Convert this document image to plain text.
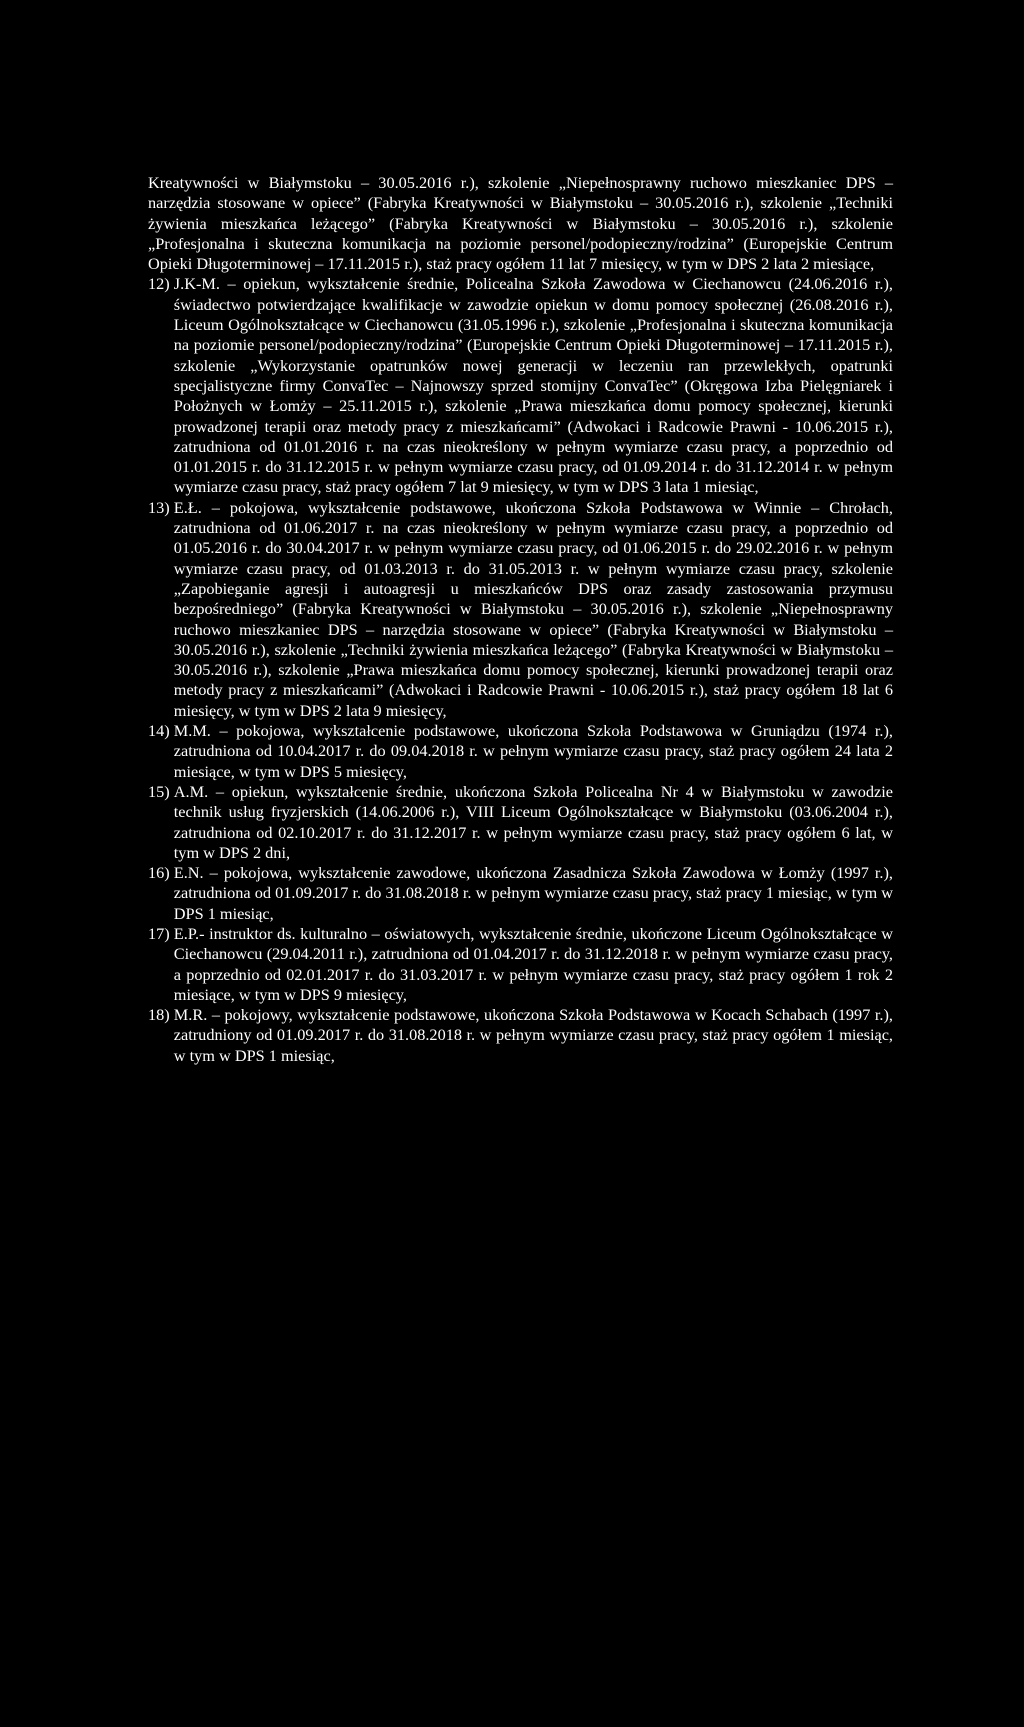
Kreatywności w Białymstoku – 30.05.2016 r.), szkolenie „Niepełnosprawny ruchowo mieszkaniec DPS – narzędzia stosowane w opiece” (Fabryka Kreatywności w Białymstoku – 30.05.2016 r.), szkolenie „Techniki żywienia mieszkańca leżącego” (Fabryka Kreatywności w Białymstoku – 30.05.2016 r.), szkolenie „Profesjonalna i skuteczna komunikacja na poziomie personel/podopieczny/rodzina” (Europejskie Centrum Opieki Długoterminowej – 17.11.2015 r.), staż pracy ogółem 11 lat 7 miesięcy, w tym w DPS 2 lata 2 miesiące,

12) J.K-M. – opiekun, wykształcenie średnie, Policealna Szkoła Zawodowa w Ciechanowcu (24.06.2016 r.), świadectwo potwierdzające kwalifikacje w zawodzie opiekun w domu pomocy społecznej (26.08.2016 r.), Liceum Ogólnokształcące w Ciechanowcu (31.05.1996 r.), szkolenie „Profesjonalna i skuteczna komunikacja na poziomie personel/podopieczny/rodzina” (Europejskie Centrum Opieki Długoterminowej – 17.11.2015 r.), szkolenie „Wykorzystanie opatrunków nowej generacji w leczeniu ran przewlekłych, opatrunki specjalistyczne firmy ConvaTec – Najnowszy sprzed stomijny ConvaTec” (Okręgowa Izba Pielęgniarek i Położnych w Łomży – 25.11.2015 r.), szkolenie „Prawa mieszkańca domu pomocy społecznej, kierunki prowadzonej terapii oraz metody pracy z mieszkańcami” (Adwokaci i Radcowie Prawni - 10.06.2015 r.), zatrudniona od 01.01.2016 r. na czas nieokreślony w pełnym wymiarze czasu pracy, a poprzednio od 01.01.2015 r. do 31.12.2015 r. w pełnym wymiarze czasu pracy, od 01.09.2014 r. do 31.12.2014 r. w pełnym wymiarze czasu pracy, staż pracy ogółem 7 lat 9 miesięcy, w tym w DPS 3 lata 1 miesiąc,
13) E.Ł. – pokojowa, wykształcenie podstawowe, ukończona Szkoła Podstawowa w Winnie – Chrołach, zatrudniona od 01.06.2017 r. na czas nieokreślony w pełnym wymiarze czasu pracy, a poprzednio od 01.05.2016 r. do 30.04.2017 r. w pełnym wymiarze czasu pracy, od 01.06.2015 r. do 29.02.2016 r. w pełnym wymiarze czasu pracy, od 01.03.2013 r. do 31.05.2013 r. w pełnym wymiarze czasu pracy, szkolenie „Zapobieganie agresji i autoagresji u mieszkańców DPS oraz zasady zastosowania przymusu bezpośredniego” (Fabryka Kreatywności w Białymstoku – 30.05.2016 r.), szkolenie „Niepełnosprawny ruchowo mieszkaniec DPS – narzędzia stosowane w opiece” (Fabryka Kreatywności w Białymstoku – 30.05.2016 r.), szkolenie „Techniki żywienia mieszkańca leżącego” (Fabryka Kreatywności w Białymstoku – 30.05.2016 r.), szkolenie „Prawa mieszkańca domu pomocy społecznej, kierunki prowadzonej terapii oraz metody pracy z mieszkańcami” (Adwokaci i Radcowie Prawni - 10.06.2015 r.), staż pracy ogółem 18 lat 6 miesięcy, w tym w DPS 2 lata 9 miesięcy,
14) M.M. – pokojowa, wykształcenie podstawowe, ukończona Szkoła Podstawowa w Gruniądzu (1974 r.), zatrudniona od 10.04.2017 r. do 09.04.2018 r. w pełnym wymiarze czasu pracy, staż pracy ogółem 24 lata 2 miesiące, w tym w DPS 5 miesięcy,
15) A.M. – opiekun, wykształcenie średnie, ukończona Szkoła Policealna Nr 4 w Białymstoku w zawodzie technik usług fryzjerskich (14.06.2006 r.), VIII Liceum Ogólnokształcące w Białymstoku (03.06.2004 r.), zatrudniona od 02.10.2017 r. do 31.12.2017 r. w pełnym wymiarze czasu pracy, staż pracy ogółem 6 lat, w tym w DPS 2 dni,
16) E.N. – pokojowa, wykształcenie zawodowe, ukończona Zasadnicza Szkoła Zawodowa w Łomży (1997 r.), zatrudniona od 01.09.2017 r. do 31.08.2018 r. w pełnym wymiarze czasu pracy, staż pracy 1 miesiąc, w tym w DPS 1 miesiąc,
17) E.P.- instruktor ds. kulturalno – oświatowych, wykształcenie średnie, ukończone Liceum Ogólnokształcące w Ciechanowcu (29.04.2011 r.), zatrudniona od 01.04.2017 r. do 31.12.2018 r. w pełnym wymiarze czasu pracy, a poprzednio od 02.01.2017 r. do 31.03.2017 r. w pełnym wymiarze czasu pracy, staż pracy ogółem 1 rok 2 miesiące, w tym w DPS 9 miesięcy,
18) M.R. – pokojowy, wykształcenie podstawowe, ukończona Szkoła Podstawowa w Kocach Schabach (1997 r.), zatrudniony od 01.09.2017 r. do 31.08.2018 r. w pełnym wymiarze czasu pracy, staż pracy ogółem 1 miesiąc, w tym w DPS 1 miesiąc,
